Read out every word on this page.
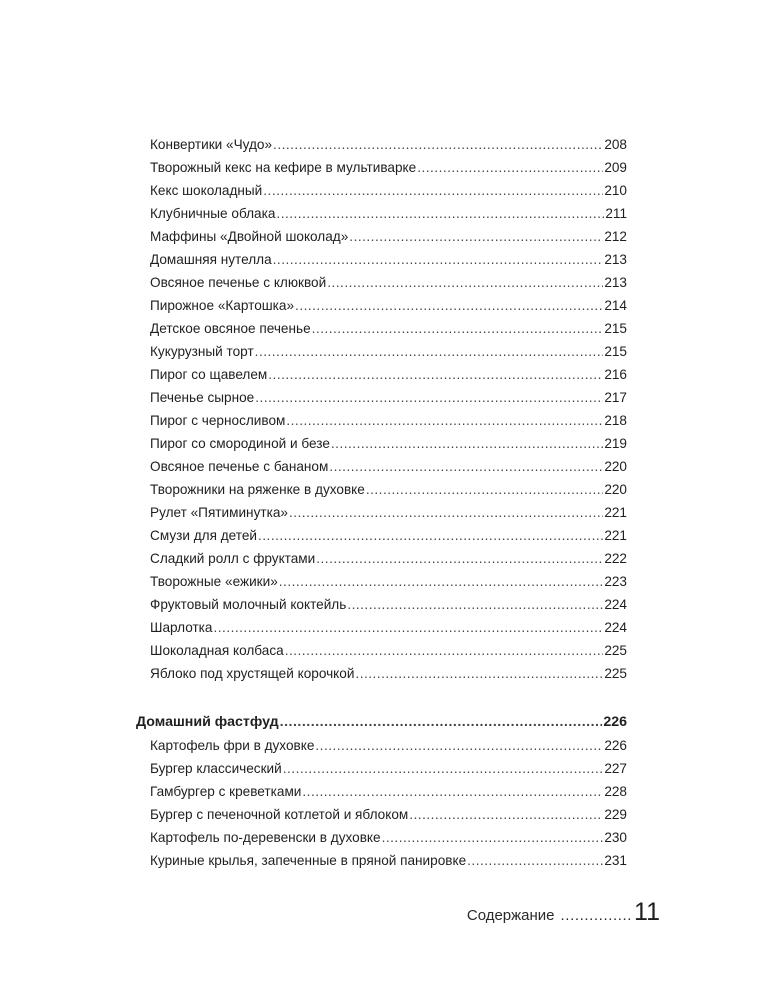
Конвертики «Чудо» .....	208
Творожный кекс на кефире в мультиварке .....	209
Кекс шоколадный .....	210
Клубничные облака .....	211
Маффины «Двойной шоколад» .....	212
Домашняя нутелла .....	213
Овсяное печенье с клюквой .....	213
Пирожное «Картошка» .....	214
Детское овсяное печенье .....	215
Кукурузный торт .....	215
Пирог со щавелем .....	216
Печенье сырное .....	217
Пирог с черносливом .....	218
Пирог со смородиной и безе .....	219
Овсяное печенье с бананом .....	220
Творожники на ряженке в духовке .....	220
Рулет «Пятиминутка» .....	221
Смузи для детей .....	221
Сладкий ролл с фруктами .....	222
Творожные «ежики» .....	223
Фруктовый молочный коктейль .....	224
Шарлотка .....	224
Шоколадная колбаса .....	225
Яблоко под хрустящей корочкой .....	225
Домашний фастфуд .....	226
Картофель фри в духовке .....	226
Бургер классический .....	227
Гамбургер с креветками .....	228
Бургер с печеночной котлетой и яблоком .....	229
Картофель по-деревенски в духовке .....	230
Куриные крылья, запеченные в пряной панировке .....	231
Содержание ............... 11
